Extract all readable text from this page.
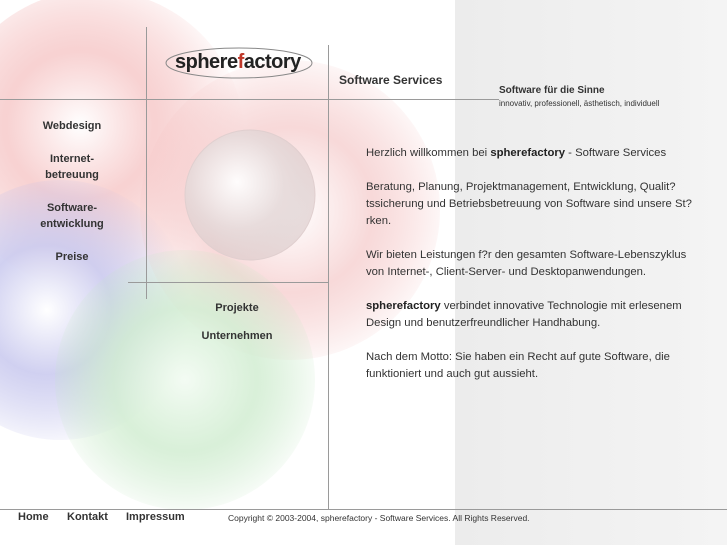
spherefactory
Software Services
Software für die Sinne
innovativ, professionell, ästhetisch, individuell
Webdesign
Internet-
betreuung
Software-
entwicklung
Preise
Projekte
Unternehmen

Herzlich willkommen bei spherefactory - Software Services

Beratung, Planung, Projektmanagement, Entwicklung, Qualit?tssicherung und Betriebsbetreuung von Software sind unsere St?rken.

Wir bieten Leistungen f?r den gesamten Software-Lebenszyklus von Internet-, Client-Server- und Desktopanwendungen.

spherefactory verbindet innovative Technologie mit erlesenem Design und benutzerfreundlicher Handhabung.

Nach dem Motto: Sie haben ein Recht auf gute Software, die funktioniert und auch gut aussieht.

Home Kontakt Impressum	Copyright © 2003-2004, spherefactory - Software Services. All Rights Reserved.
